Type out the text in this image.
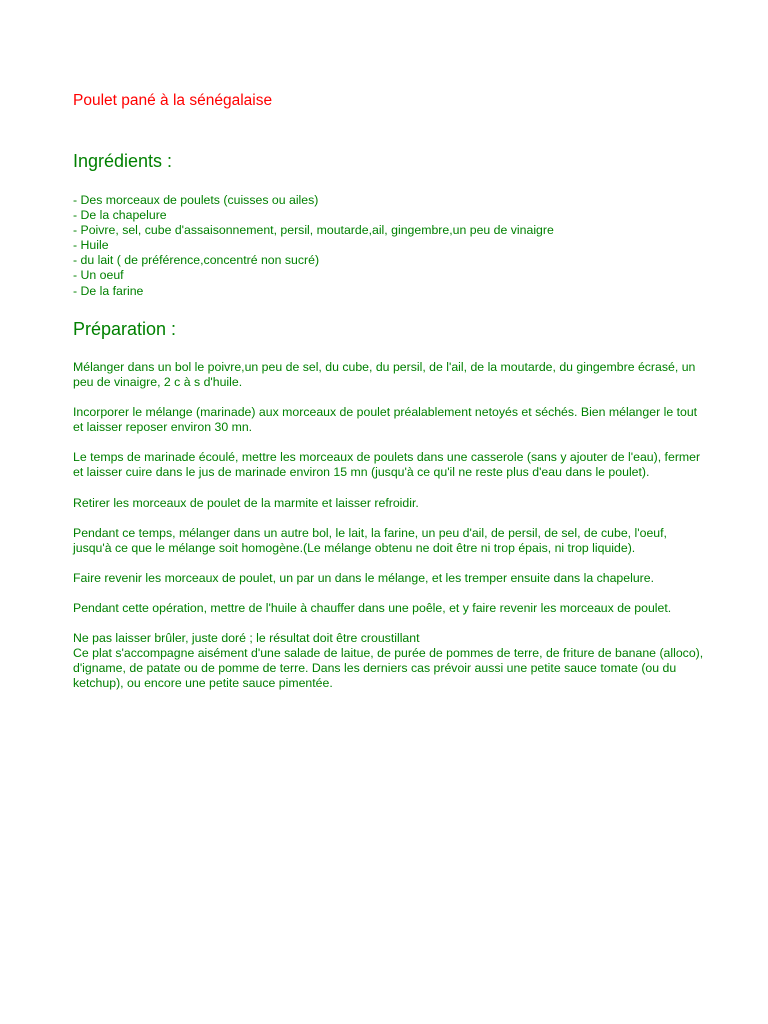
Poulet pané à la sénégalaise
Ingrédients :
- Des morceaux de poulets (cuisses ou ailes)
- De la chapelure
- Poivre, sel, cube d'assaisonnement, persil, moutarde,ail, gingembre,un peu de vinaigre
- Huile
- du lait ( de préférence,concentré non sucré)
- Un oeuf
- De la farine
Préparation :

Mélanger dans un bol le poivre,un peu de sel, du cube, du persil, de l'ail, de la moutarde, du gingembre écrasé, un peu de vinaigre, 2 c à s d'huile.

Incorporer le mélange (marinade) aux morceaux de poulet préalablement netoyés et séchés. Bien mélanger le tout et laisser reposer environ 30 mn.

Le temps de marinade écoulé, mettre les morceaux de poulets dans une casserole (sans y ajouter de l'eau), fermer et laisser cuire dans le jus de marinade environ 15 mn (jusqu'à ce qu'il ne reste plus d'eau dans le poulet).

Retirer les morceaux de poulet de la marmite et laisser refroidir.

Pendant ce temps, mélanger dans un autre bol, le lait, la farine, un peu d'ail, de persil, de sel, de cube, l'oeuf, jusqu'à ce que le mélange soit homogène.(Le mélange obtenu ne doit être ni trop épais, ni trop liquide).

Faire revenir les morceaux de poulet, un par un dans le mélange, et les tremper ensuite dans la chapelure.

Pendant cette opération, mettre de l'huile à chauffer dans une poêle, et y faire revenir les morceaux de poulet.

Ne pas laisser brûler, juste doré ; le résultat doit être croustillant

Ce plat s'accompagne aisément d'une salade de laitue, de purée de pommes de terre, de friture de banane (alloco), d'igname, de patate ou de pomme de terre. Dans les derniers cas prévoir aussi une petite sauce tomate (ou du ketchup), ou encore une petite sauce pimentée.
